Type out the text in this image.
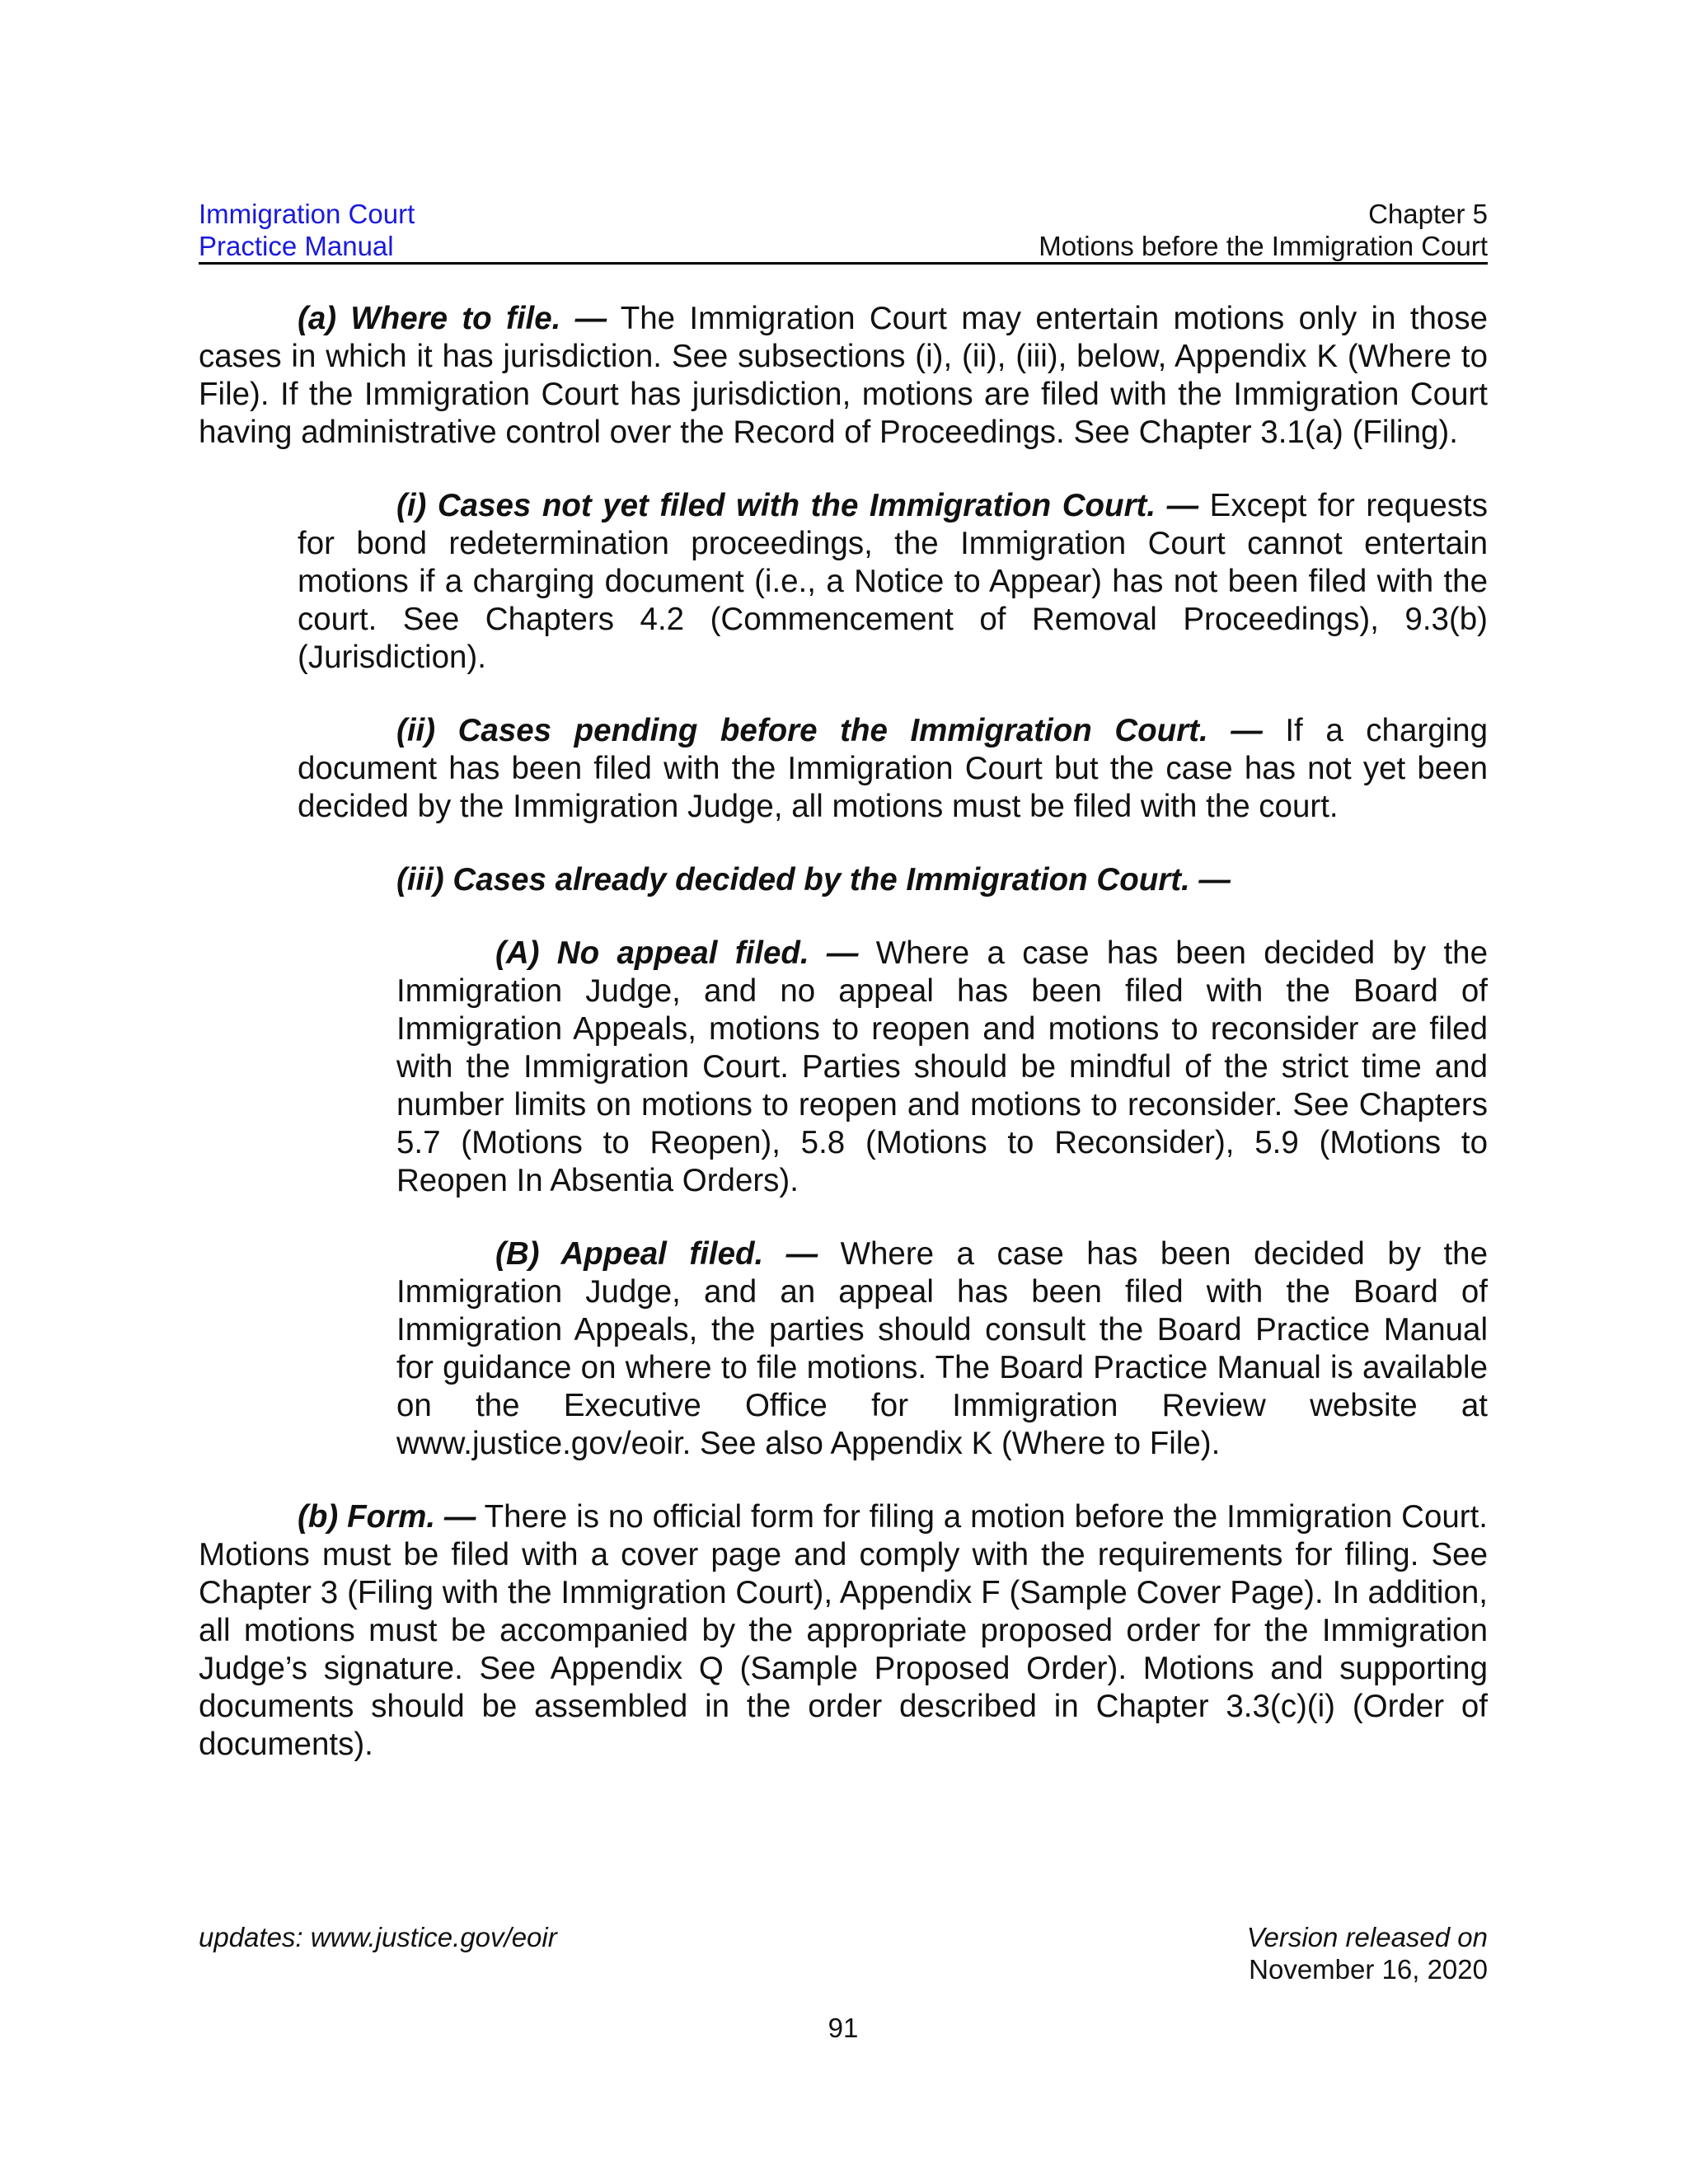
Immigration Court
Practice Manual
Chapter 5
Motions before the Immigration Court

(a) Where to file. — The Immigration Court may entertain motions only in those cases in which it has jurisdiction. See subsections (i), (ii), (iii), below, Appendix K (Where to File). If the Immigration Court has jurisdiction, motions are filed with the Immigration Court having administrative control over the Record of Proceedings. See Chapter 3.1(a) (Filing).

(i) Cases not yet filed with the Immigration Court. — Except for requests for bond redetermination proceedings, the Immigration Court cannot entertain motions if a charging document (i.e., a Notice to Appear) has not been filed with the court. See Chapters 4.2 (Commencement of Removal Proceedings), 9.3(b) (Jurisdiction).

(ii) Cases pending before the Immigration Court. — If a charging document has been filed with the Immigration Court but the case has not yet been decided by the Immigration Judge, all motions must be filed with the court.

(iii) Cases already decided by the Immigration Court. —

(A) No appeal filed. — Where a case has been decided by the Immigration Judge, and no appeal has been filed with the Board of Immigration Appeals, motions to reopen and motions to reconsider are filed with the Immigration Court. Parties should be mindful of the strict time and number limits on motions to reopen and motions to reconsider. See Chapters 5.7 (Motions to Reopen), 5.8 (Motions to Reconsider), 5.9 (Motions to Reopen In Absentia Orders).

(B) Appeal filed. — Where a case has been decided by the Immigration Judge, and an appeal has been filed with the Board of Immigration Appeals, the parties should consult the Board Practice Manual for guidance on where to file motions. The Board Practice Manual is available on the Executive Office for Immigration Review website at www.justice.gov/eoir. See also Appendix K (Where to File).

(b) Form. — There is no official form for filing a motion before the Immigration Court. Motions must be filed with a cover page and comply with the requirements for filing. See Chapter 3 (Filing with the Immigration Court), Appendix F (Sample Cover Page). In addition, all motions must be accompanied by the appropriate proposed order for the Immigration Judge’s signature. See Appendix Q (Sample Proposed Order). Motions and supporting documents should be assembled in the order described in Chapter 3.3(c)(i) (Order of documents).

updates: www.justice.gov/eoir	Version released on
November 16, 2020
91
